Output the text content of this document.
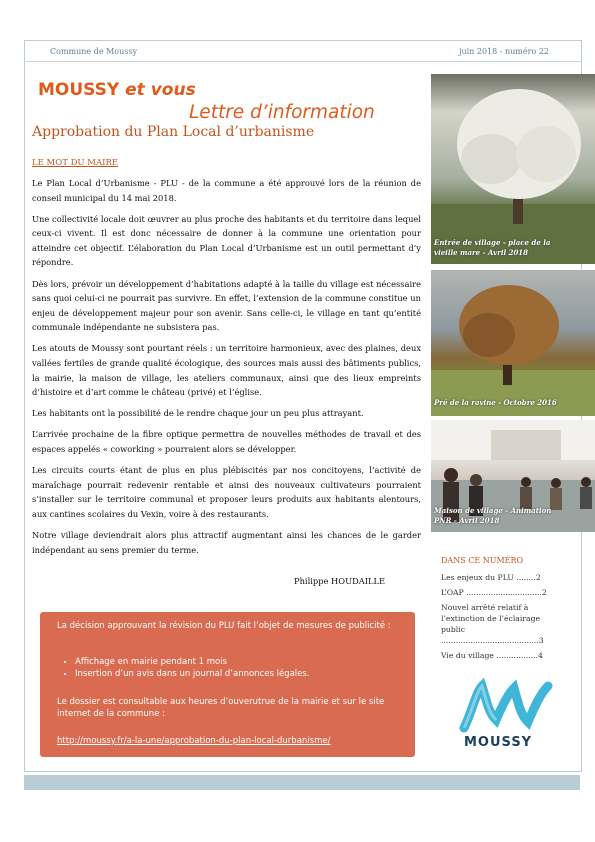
Commune de Moussy	juin 2018 - numéro 22
MOUSSY et vous
Lettre d’information
Approbation du Plan Local d’urbanisme
LE MOT DU MAIRE

Le Plan Local d’Urbanisme - PLU - de la commune a été approuvé lors de la réunion de conseil municipal du 14 mai 2018.

Une collectivité locale doit œuvrer au plus proche des habitants et du territoire dans lequel ceux-ci vivent. Il est donc nécessaire de donner à la commune une orientation pour atteindre cet objectif. L’élaboration du Plan Local d’Urbanisme est un outil permettant d’y répondre.

Dès lors, prévoir un développement d’habitations adapté à la taille du village est nécessaire sans quoi celui-ci ne pourrait pas survivre. En effet, l’extension de la commune constitue un enjeu de développement majeur pour son avenir. Sans celle-ci, le village en tant qu’entité communale indépendante ne subsistera pas.

Les atouts de Moussy sont pourtant réels : un territoire harmonieux, avec des plaines, deux vallées fertiles de grande qualité écologique, des sources mais aussi des bâtiments publics, la mairie, la maison de village, les ateliers communaux, ainsi que des lieux empreints d’histoire et d’art comme le château (privé) et l’église.

Les habitants ont la possibilité de le rendre chaque jour un peu plus attrayant.

L’arrivée prochaine de la fibre optique permettra de nouvelles méthodes de travail et des espaces appelés « coworking » pourraient alors se développer.

Les circuits courts étant de plus en plus plébiscités par nos concitoyens, l’activité de maraîchage pourrait redevenir rentable et ainsi des nouveaux cultivateurs pourraient s’installer sur le territoire communal et proposer leurs produits aux habitants alentours, aux cantines scolaires du Vexin, voire à des restaurants.

Notre village deviendrait alors plus attractif augmentant ainsi les chances de le garder indépendant au sens premier du terme.

Philippe HOUDAILLE
Entrée de village - place de la
vieille mare - Avril 2018
Pré de la ravine - Octobre 2016
Maison de village - Animation
PNR - Avril 2018
DANS CE NUMÉRO
Les enjeux du PLU ........2
L’OAP ...............................2
Nouvel arrêté relatif à l’extinction de l’éclairage public ........................................3
Vie du village .................4
MOUSSY
La décision approuvant la révision du PLU fait l’objet de mesures de publicité :
• Affichage en mairie pendant 1 mois
• Insertion d’un avis dans un journal d’annonces légales.
Le dossier est consultable aux heures d’ouverutrue de la mairie et sur le site internet de la commune :
http://moussy.fr/a-la-une/approbation-du-plan-local-durbanisme/
